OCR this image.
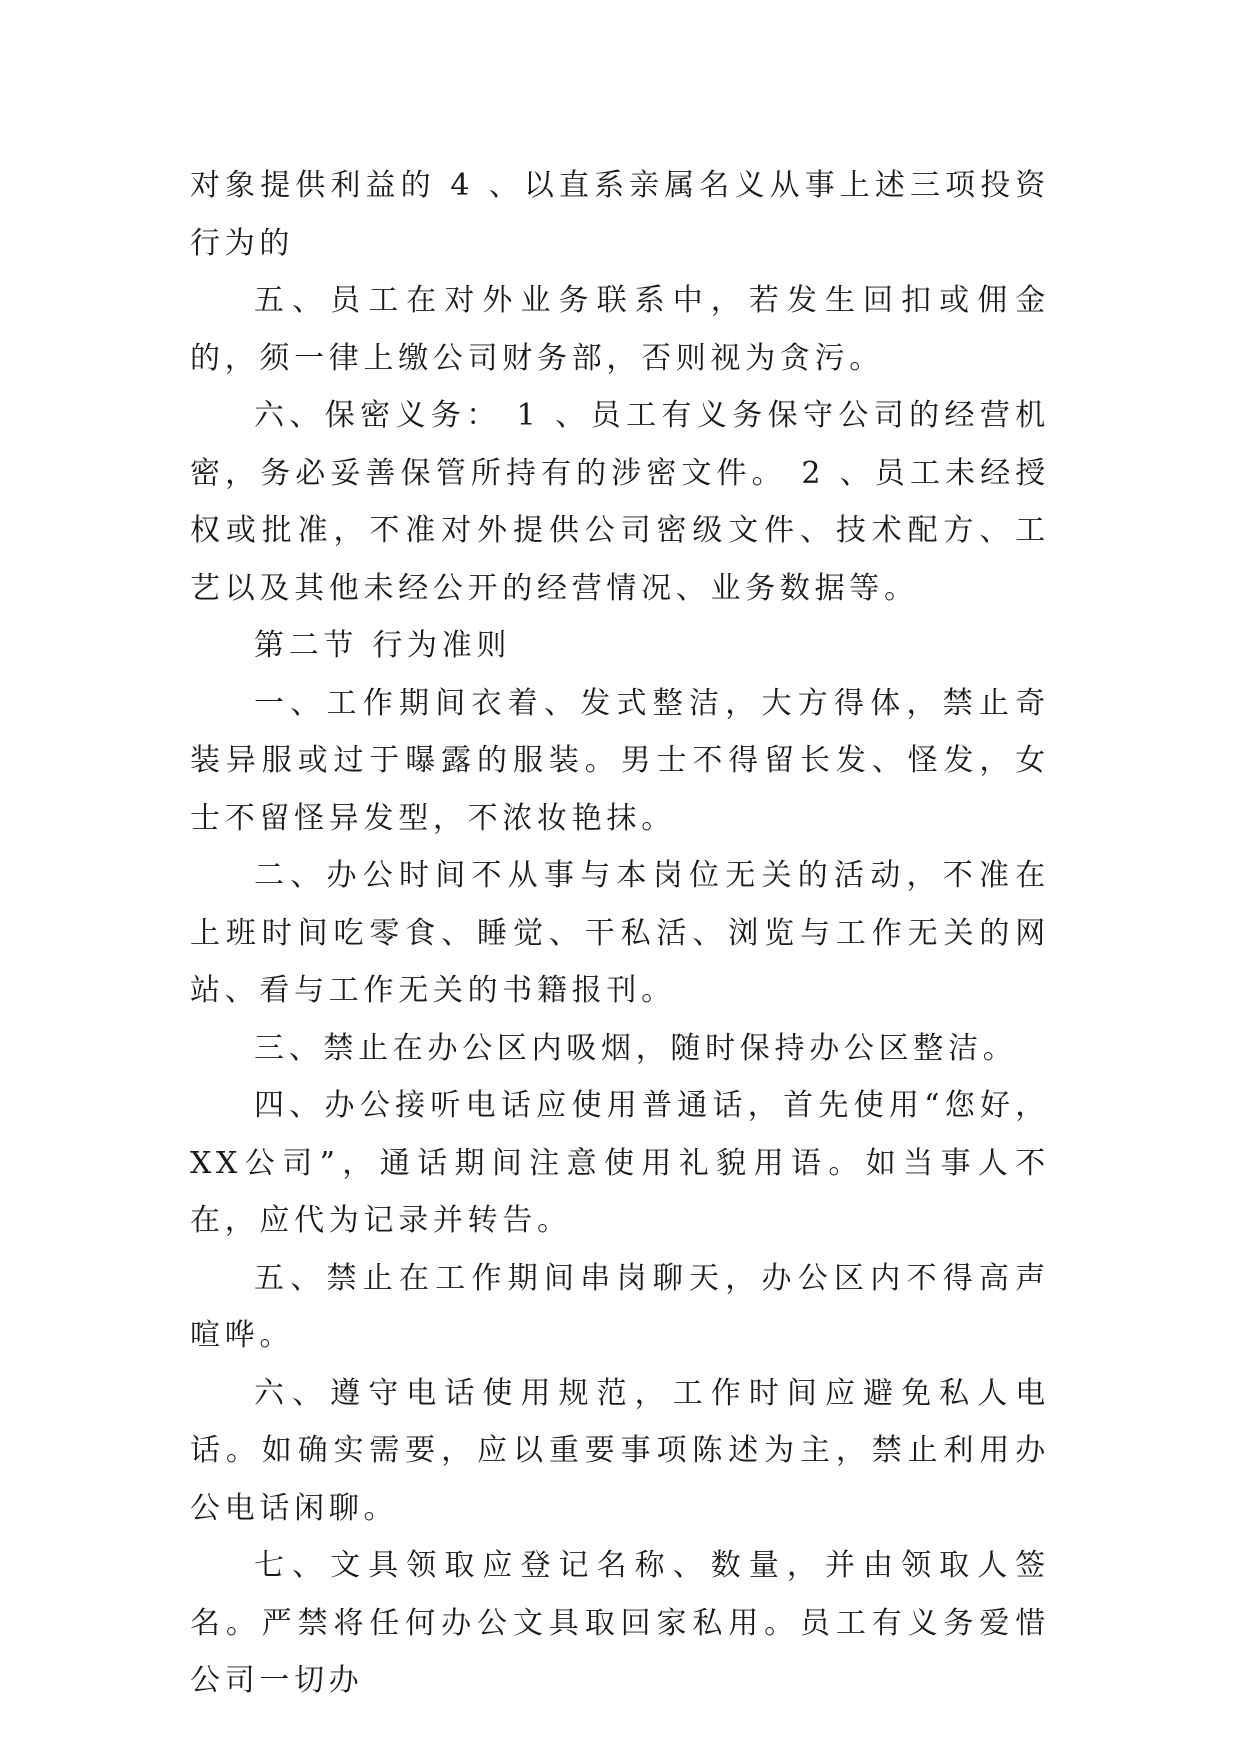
对象提供利益的 4 、以直系亲属名义从事上述三项投资行为的

五、员工在对外业务联系中，若发生回扣或佣金的，须一律上缴公司财务部，否则视为贪污。

六、保密义务： 1 、员工有义务保守公司的经营机密，务必妥善保管所持有的涉密文件。 2 、员工未经授权或批准，不准对外提供公司密级文件、技术配方、工艺以及其他未经公开的经营情况、业务数据等。

第二节 行为准则

一、工作期间衣着、发式整洁，大方得体，禁止奇装异服或过于曝露的服装。男士不得留长发、怪发，女士不留怪异发型，不浓妆艳抹。

二、办公时间不从事与本岗位无关的活动，不准在上班时间吃零食、睡觉、干私活、浏览与工作无关的网站、看与工作无关的书籍报刊。

三、禁止在办公区内吸烟，随时保持办公区整洁。

四、办公接听电话应使用普通话，首先使用“您好，XX公司”，通话期间注意使用礼貌用语。如当事人不在，应代为记录并转告。

五、禁止在工作期间串岗聊天，办公区内不得高声喧哗。

六、遵守电话使用规范，工作时间应避免私人电话。如确实需要，应以重要事项陈述为主，禁止利用办公电话闲聊。

七、文具领取应登记名称、数量，并由领取人签名。严禁将任何办公文具取回家私用。员工有义务爱惜公司一切办
